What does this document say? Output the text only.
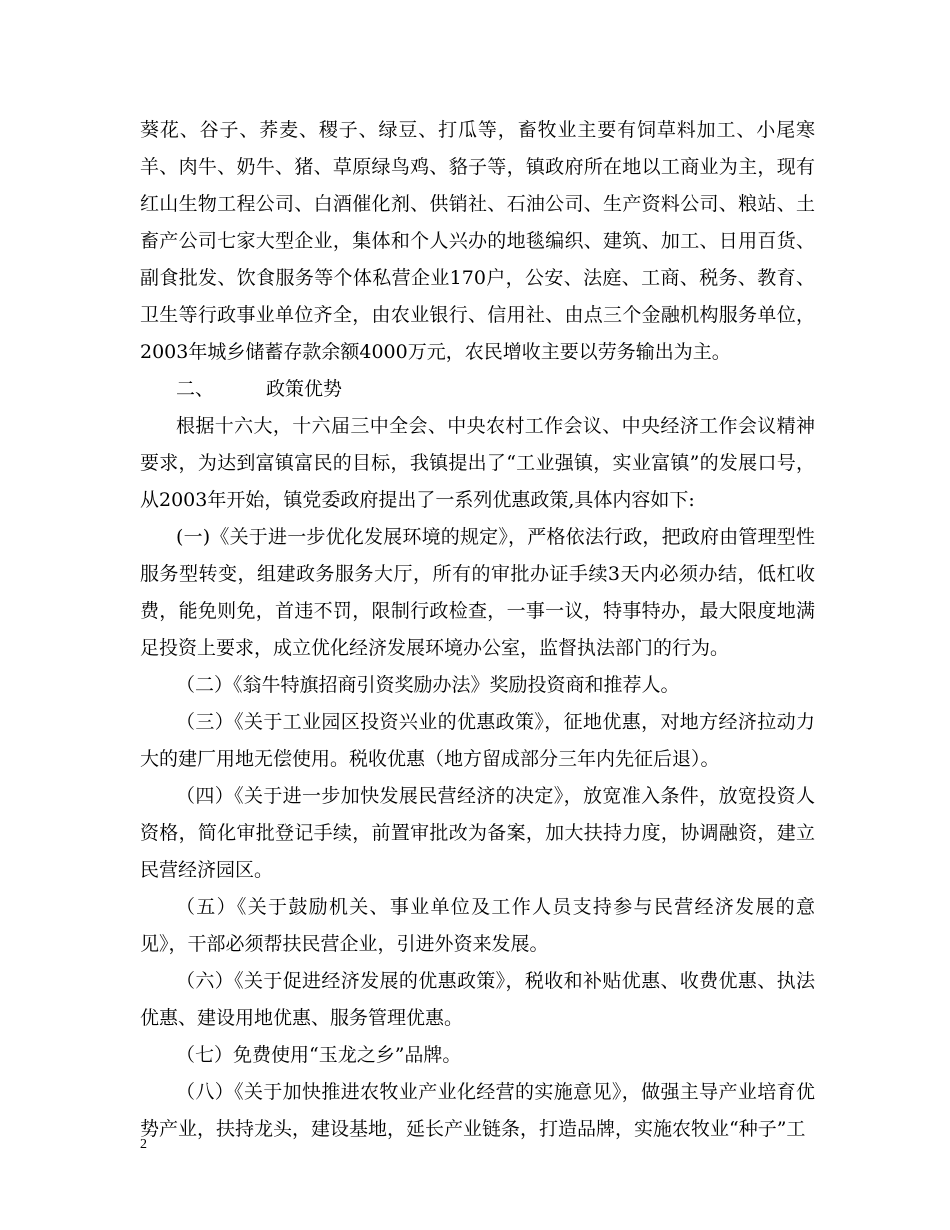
葵花、谷子、荞麦、稷子、绿豆、打瓜等，畜牧业主要有饲草料加工、小尾寒羊、肉牛、奶牛、猪、草原绿鸟鸡、貉子等，镇政府所在地以工商业为主，现有红山生物工程公司、白酒催化剂、供销社、石油公司、生产资料公司、粮站、土畜产公司七家大型企业，集体和个人兴办的地毯编织、建筑、加工、日用百货、副食批发、饮食服务等个体私营企业170户，公安、法庭、工商、税务、教育、卫生等行政事业单位齐全，由农业银行、信用社、由点三个金融机构服务单位，2003年城乡储蓄存款余额4000万元，农民增收主要以劳务输出为主。

二、	政策优势

根据十六大，十六届三中全会、中央农村工作会议、中央经济工作会议精神要求，为达到富镇富民的目标，我镇提出了“工业强镇，实业富镇”的发展口号，从2003年开始，镇党委政府提出了一系列优惠政策,具体内容如下:

(一)《关于进一步优化发展环境的规定》，严格依法行政，把政府由管理型性服务型转变，组建政务服务大厅，所有的审批办证手续3天内必须办结，低杠收费，能免则免，首违不罚，限制行政检查，一事一议，特事特办，最大限度地满足投资上要求，成立优化经济发展环境办公室，监督执法部门的行为。

（二）《翁牛特旗招商引资奖励办法》奖励投资商和推荐人。

（三）《关于工业园区投资兴业的优惠政策》，征地优惠，对地方经济拉动力大的建厂用地无偿使用。税收优惠（地方留成部分三年内先征后退）。

（四）《关于进一步加快发展民营经济的决定》，放宽准入条件，放宽投资人资格，简化审批登记手续，前置审批改为备案，加大扶持力度，协调融资，建立民营经济园区。

（五）《关于鼓励机关、事业单位及工作人员支持参与民营经济发展的意见》，干部必须帮扶民营企业，引进外资来发展。

（六）《关于促进经济发展的优惠政策》，税收和补贴优惠、收费优惠、执法优惠、建设用地优惠、服务管理优惠。

（七）免费使用“玉龙之乡”品牌。

（八）《关于加快推进农牧业产业化经营的实施意见》，做强主导产业培育优势产业，扶持龙头，建设基地，延长产业链条，打造品牌，实施农牧业“种子”工

2
